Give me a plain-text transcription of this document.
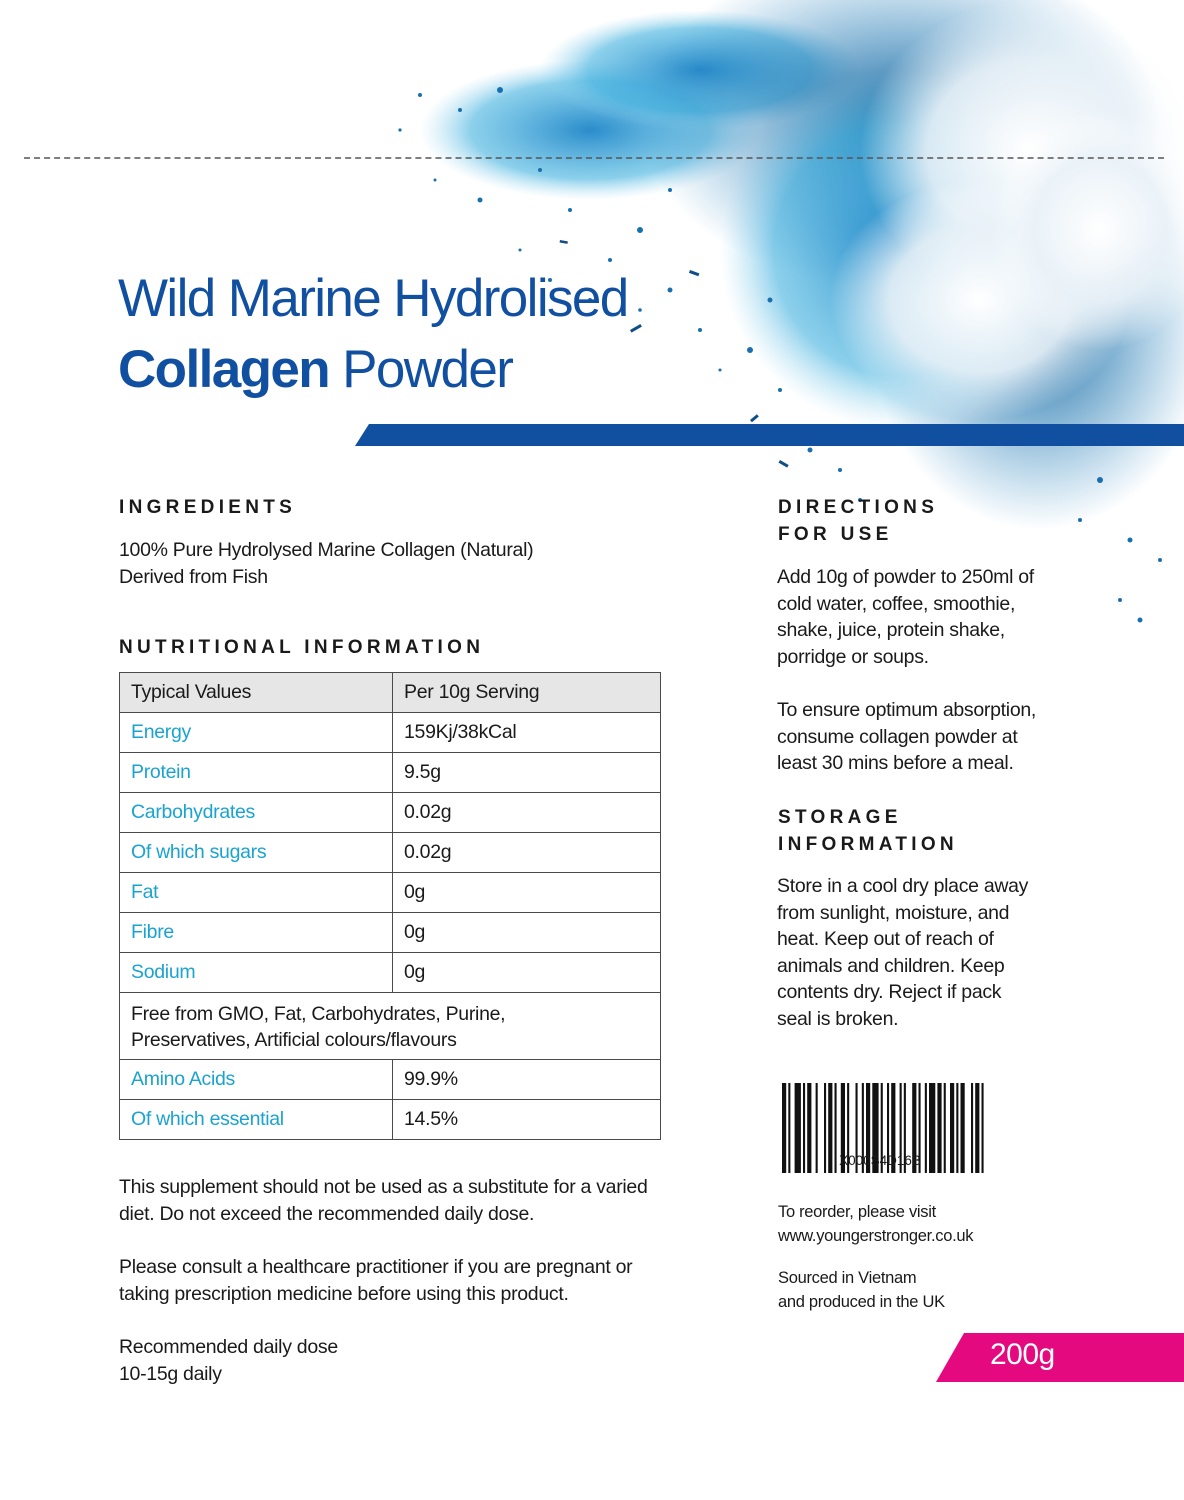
Wild Marine Hydrolised
Collagen Powder
INGREDIENTS
100% Pure Hydrolysed Marine Collagen (Natural)
Derived from Fish
NUTRITIONAL INFORMATION
Typical Values	Per 10g Serving
Energy	159Kj/38kCal
Protein	9.5g
Carbohydrates	0.02g
Of which sugars	0.02g
Fat	0g
Fibre	0g
Sodium	0g

Free from GMO, Fat, Carbohydrates, Purine,
Preservatives, Artificial colours/flavours	

Amino Acids	99.9%
Of which essential	14.5%
This supplement should not be used as a substitute for a varied
diet. Do not exceed the recommended daily dose.
Please consult a healthcare practitioner if you are pregnant or
taking prescription medicine before using this product.
Recommended daily dose
10-15g daily
DIRECTIONS
FOR USE
Add 10g of powder to 250ml of
cold water, coffee, smoothie,
shake, juice, protein shake,
porridge or soups.
To ensure optimum absorption,
consume collagen powder at
least 30 mins before a meal.
STORAGE
INFORMATION
Store in a cool dry place away
from sunlight, moisture, and
heat. Keep out of reach of
animals and children. Keep
contents dry. Reject if pack
seal is broken.
X000S4D16B
To reorder, please visit
www.youngerstronger.co.uk
Sourced in Vietnam
and produced in the UK
200g
